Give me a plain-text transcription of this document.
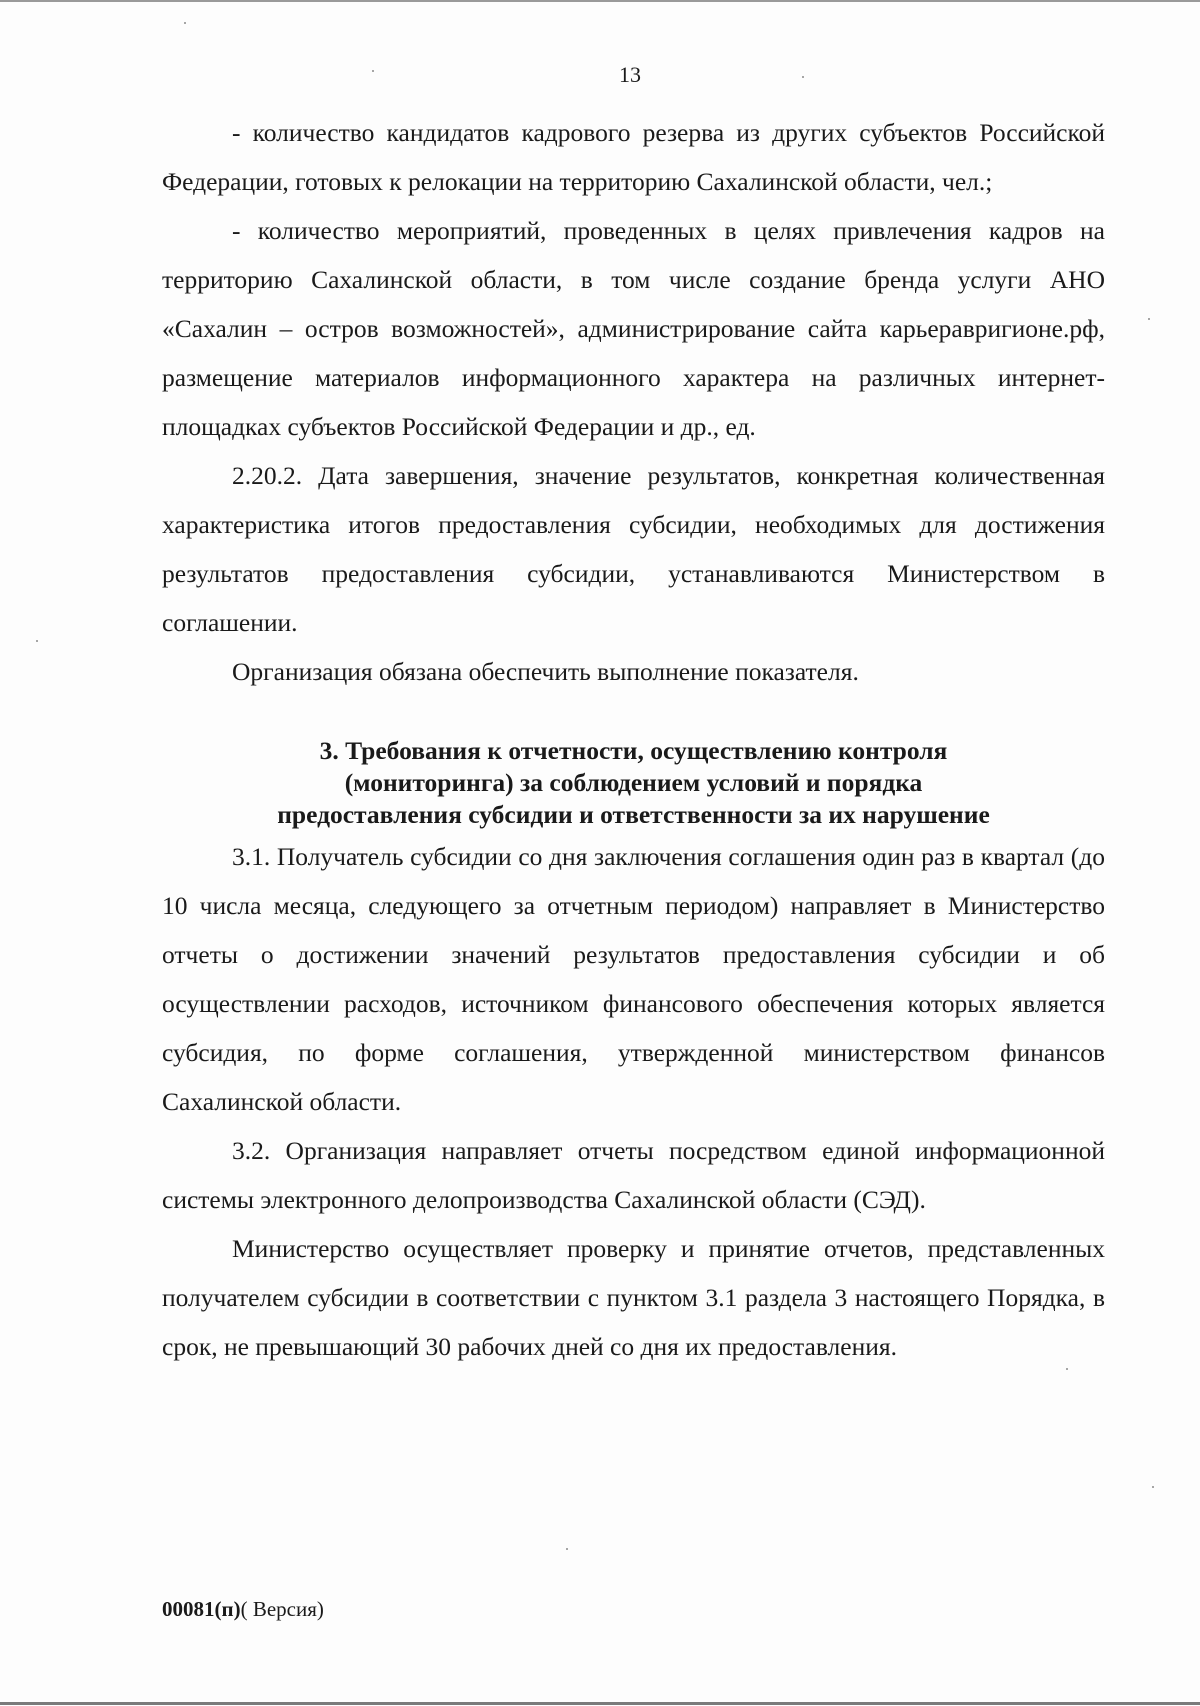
13

- количество кандидатов кадрового резерва из других субъектов Российской Федерации, готовых к релокации на территорию Сахалинской области, чел.;

- количество мероприятий, проведенных в целях привлечения кадров на территорию Сахалинской области, в том числе создание бренда услуги АНО «Сахалин – остров возможностей», администрирование сайта карьеравригионе.рф, размещение материалов информационного характера на различных интернет-площадках субъектов Российской Федерации и др., ед.

2.20.2. Дата завершения, значение результатов, конкретная количественная характеристика итогов предоставления субсидии, необходимых для достижения результатов предоставления субсидии, устанавливаются Министерством в соглашении.

Организация обязана обеспечить выполнение показателя.

3. Требования к отчетности, осуществлению контроля
(мониторинга) за соблюдением условий и порядка
предоставления субсидии и ответственности за их нарушение

3.1. Получатель субсидии со дня заключения соглашения один раз в квартал (до 10 числа месяца, следующего за отчетным периодом) направляет в Министерство отчеты о достижении значений результатов предоставления субсидии и об осуществлении расходов, источником финансового обеспечения которых является субсидия, по форме соглашения, утвержденной министерством финансов Сахалинской области.

3.2. Организация направляет отчеты посредством единой информационной системы электронного делопроизводства Сахалинской области (СЭД).

Министерство осуществляет проверку и принятие отчетов, представленных получателем субсидии в соответствии с пунктом 3.1 раздела 3 настоящего Порядка, в срок, не превышающий 30 рабочих дней со дня их предоставления.

00081(п)( Версия)
